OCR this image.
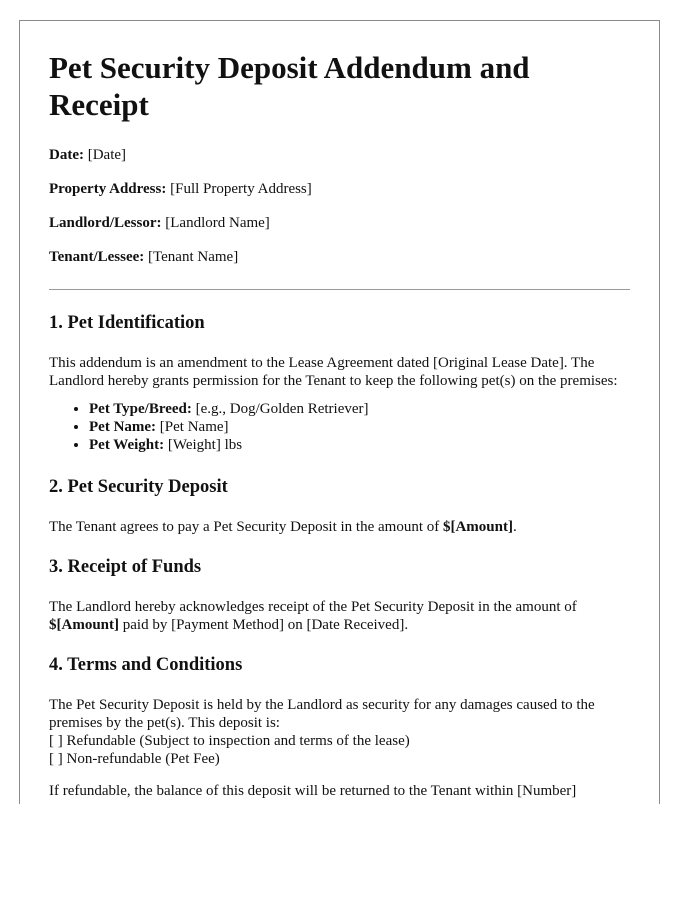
Pet Security Deposit Addendum and Receipt
Date: [Date]
Property Address: [Full Property Address]
Landlord/Lessor: [Landlord Name]
Tenant/Lessee: [Tenant Name]
1. Pet Identification

This addendum is an amendment to the Lease Agreement dated [Original Lease Date]. The Landlord hereby grants permission for the Tenant to keep the following pet(s) on the premises:

• Pet Type/Breed: [e.g., Dog/Golden Retriever]
• Pet Name: [Pet Name]
• Pet Weight: [Weight] lbs
2. Pet Security Deposit

The Tenant agrees to pay a Pet Security Deposit in the amount of $[Amount].

3. Receipt of Funds

The Landlord hereby acknowledges receipt of the Pet Security Deposit in the amount of $[Amount] paid by [Payment Method] on [Date Received].

4. Terms and Conditions

The Pet Security Deposit is held by the Landlord as security for any damages caused to the premises by the pet(s). This deposit is:
[ ] Refundable (Subject to inspection and terms of the lease)
[ ] Non-refundable (Pet Fee)

If refundable, the balance of this deposit will be returned to the Tenant within [Number]
